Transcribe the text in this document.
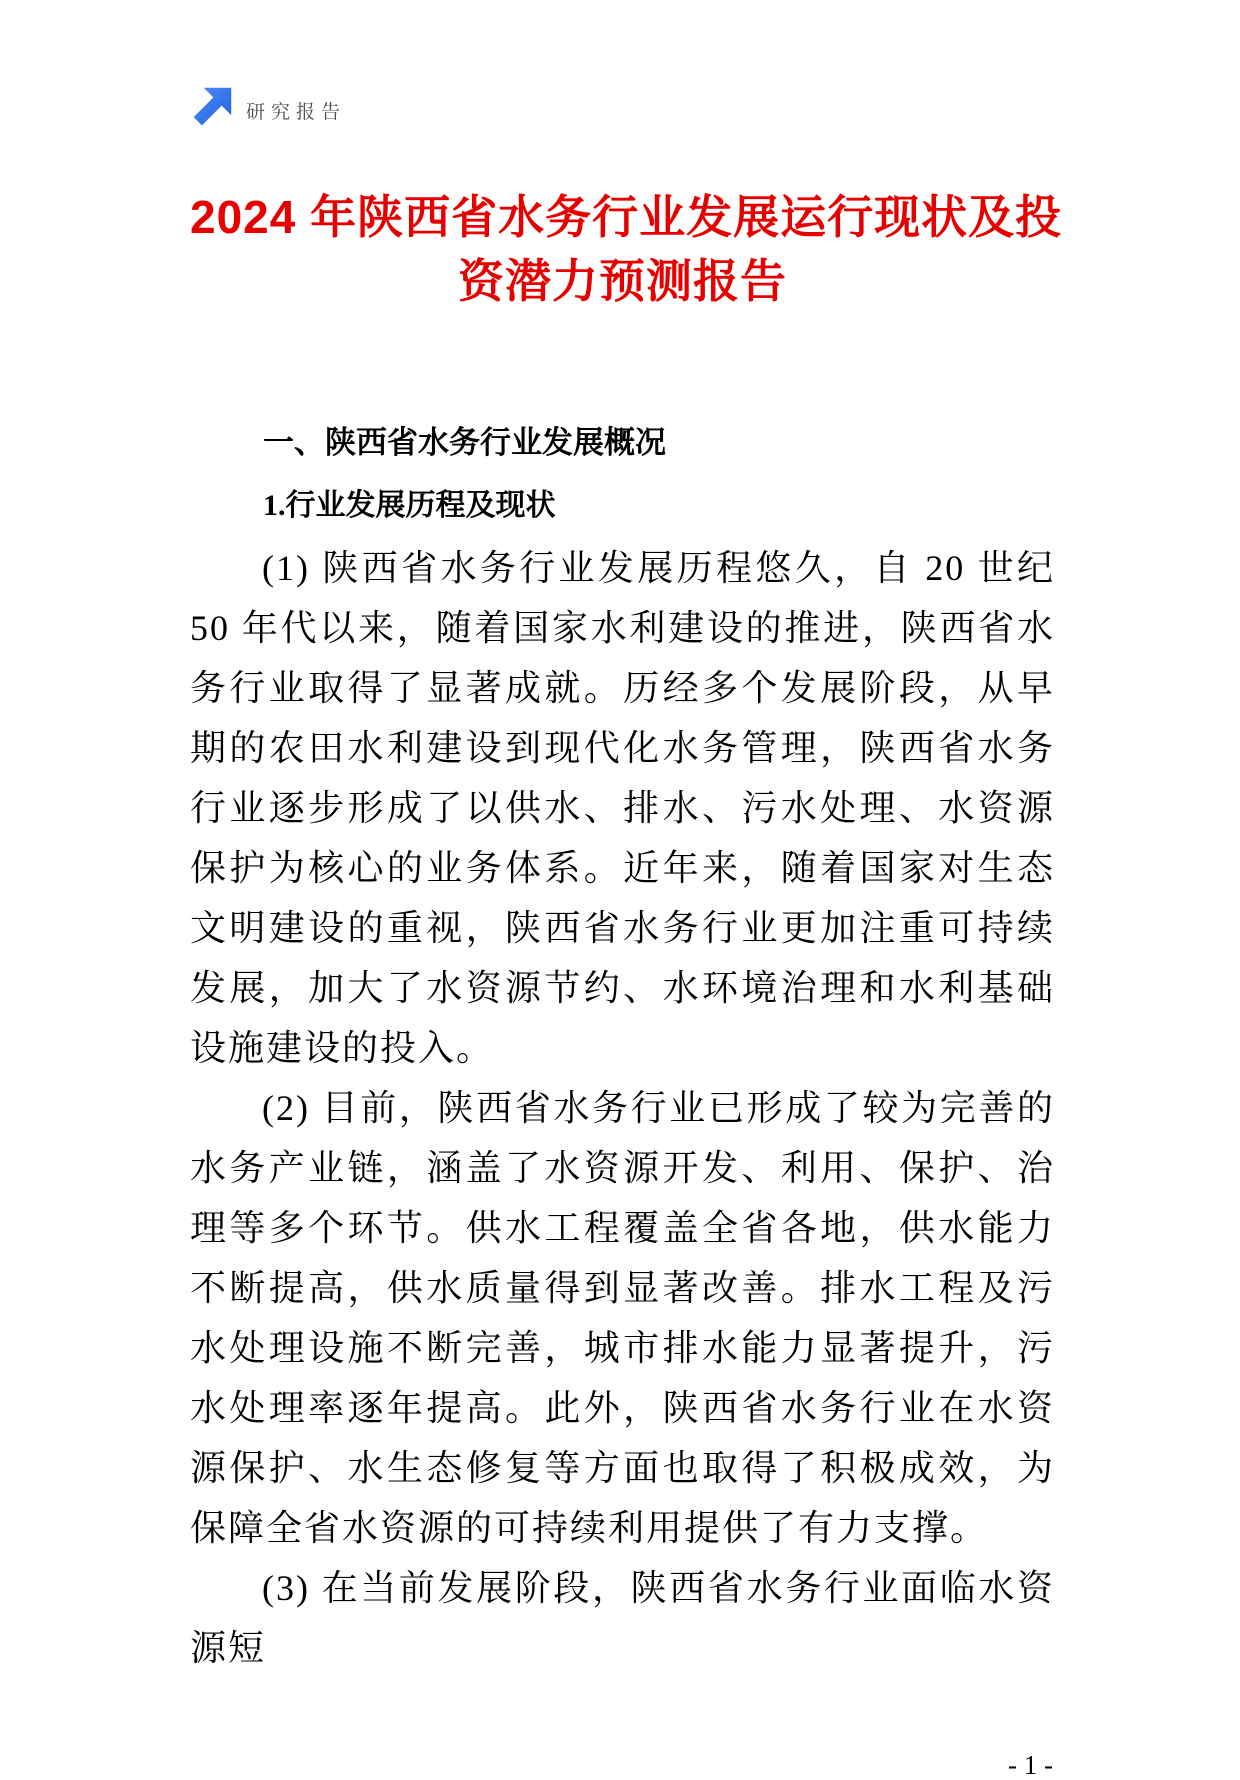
研究报告
2024 年陕西省水务行业发展运行现状及投
资潜力预测报告
一、陕西省水务行业发展概况
1.行业发展历程及现状

(1) 陕西省水务行业发展历程悠久，自 20 世纪 50 年代以来，随着国家水利建设的推进，陕西省水务行业取得了显著成就。历经多个发展阶段，从早期的农田水利建设到现代化水务管理，陕西省水务行业逐步形成了以供水、排水、污水处理、水资源保护为核心的业务体系。近年来，随着国家对生态文明建设的重视，陕西省水务行业更加注重可持续发展，加大了水资源节约、水环境治理和水利基础设施建设的投入。

(2) 目前，陕西省水务行业已形成了较为完善的水务产业链，涵盖了水资源开发、利用、保护、治理等多个环节。供水工程覆盖全省各地，供水能力不断提高，供水质量得到显著改善。排水工程及污水处理设施不断完善，城市排水能力显著提升，污水处理率逐年提高。此外，陕西省水务行业在水资源保护、水生态修复等方面也取得了积极成效，为保障全省水资源的可持续利用提供了有力支撑。

(3) 在当前发展阶段，陕西省水务行业面临水资源短

- 1 -
